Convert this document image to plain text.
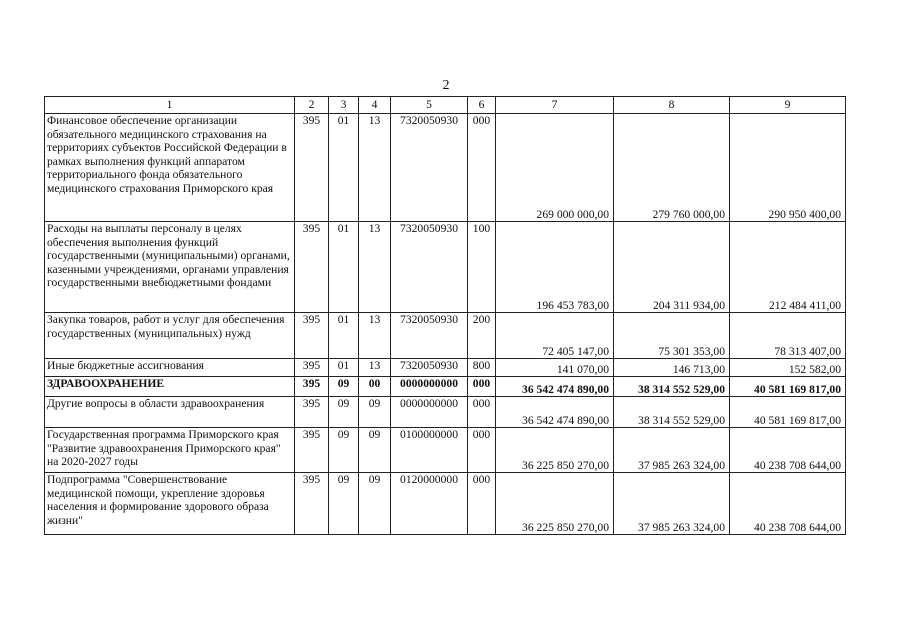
2
1	2	3	4	5	6	7	8	9
Финансовое обеспечение организации обязательного медицинского страхования на территориях субъектов Российской Федерации в рамках выполнения функций аппаратом территориального фонда обязательного медицинского страхования Приморского края	395	01	13	7320050930	000	269 000 000,00	279 760 000,00	290 950 400,00
Расходы на выплаты персоналу в целях обеспечения выполнения функций государственными (муниципальными) органами, казенными учреждениями, органами управления государственными внебюджетными фондами	395	01	13	7320050930	100	196 453 783,00	204 311 934,00	212 484 411,00
Закупка товаров, работ и услуг для обеспечения государственных (муниципальных) нужд	395	01	13	7320050930	200	72 405 147,00	75 301 353,00	78 313 407,00
Иные бюджетные ассигнования	395	01	13	7320050930	800	141 070,00	146 713,00	152 582,00
ЗДРАВООХРАНЕНИЕ	395	09	00	0000000000	000	36 542 474 890,00	38 314 552 529,00	40 581 169 817,00
Другие вопросы в области здравоохранения	395	09	09	0000000000	000	36 542 474 890,00	38 314 552 529,00	40 581 169 817,00
Государственная программа Приморского края "Развитие здравоохранения Приморского края" на 2020-2027 годы	395	09	09	0100000000	000	36 225 850 270,00	37 985 263 324,00	40 238 708 644,00
Подпрограмма "Совершенствование медицинской помощи, укрепление здоровья населения и формирование здорового образа жизни"	395	09	09	0120000000	000	36 225 850 270,00	37 985 263 324,00	40 238 708 644,00
